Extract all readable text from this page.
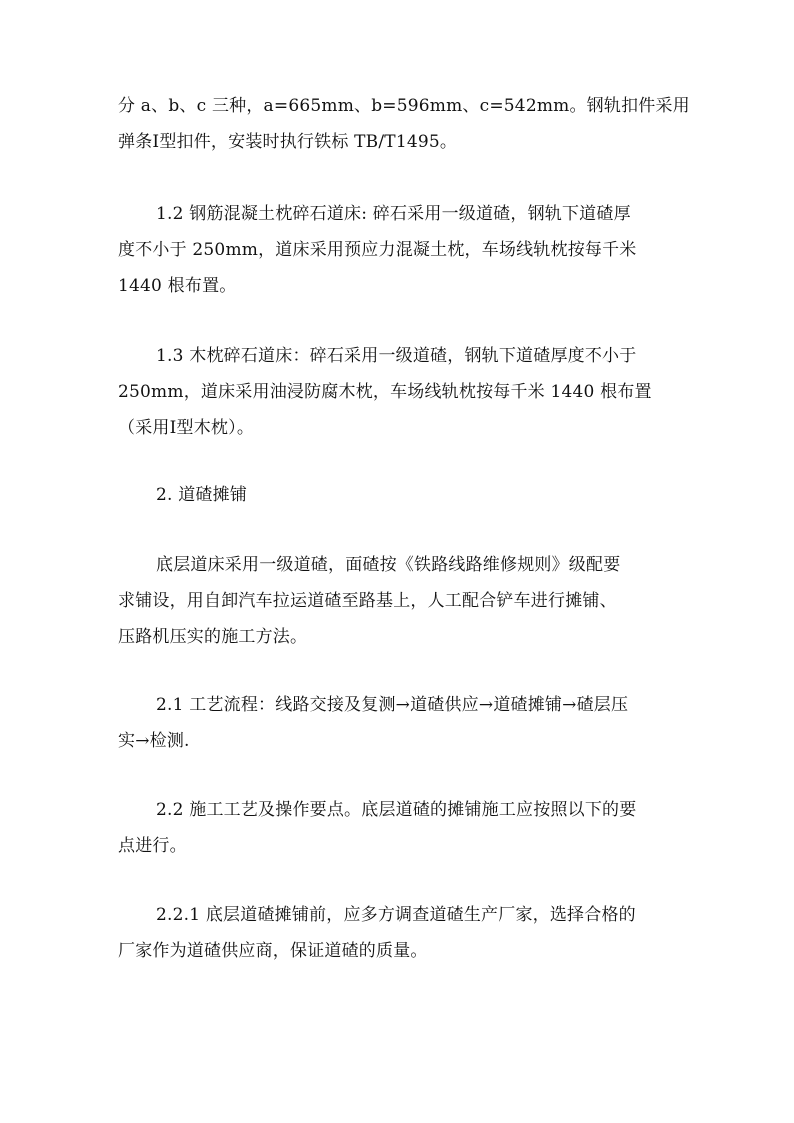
分 a、b、c 三种，a=665mm、b=596mm、c=542mm。钢轨扣件采用
弹条Ⅰ型扣件，安装时执行铁标 TB/T1495。

1.2 钢筋混凝土枕碎石道床: 碎石采用一级道碴，钢轨下道碴厚
度不小于 250mm，道床采用预应力混凝土枕，车场线轨枕按每千米
1440 根布置。

1.3 木枕碎石道床：碎石采用一级道碴，钢轨下道碴厚度不小于
250mm，道床采用油浸防腐木枕，车场线轨枕按每千米 1440 根布置
（采用Ⅰ型木枕）。

2. 道碴摊铺

底层道床采用一级道碴，面碴按《铁路线路维修规则》级配要
求铺设，用自卸汽车拉运道碴至路基上，人工配合铲车进行摊铺、
压路机压实的施工方法。

2.1 工艺流程：线路交接及复测→道碴供应→道碴摊铺→碴层压
实→检测.

2.2 施工工艺及操作要点。底层道碴的摊铺施工应按照以下的要
点进行。

2.2.1 底层道碴摊铺前，应多方调查道碴生产厂家，选择合格的
厂家作为道碴供应商，保证道碴的质量。
